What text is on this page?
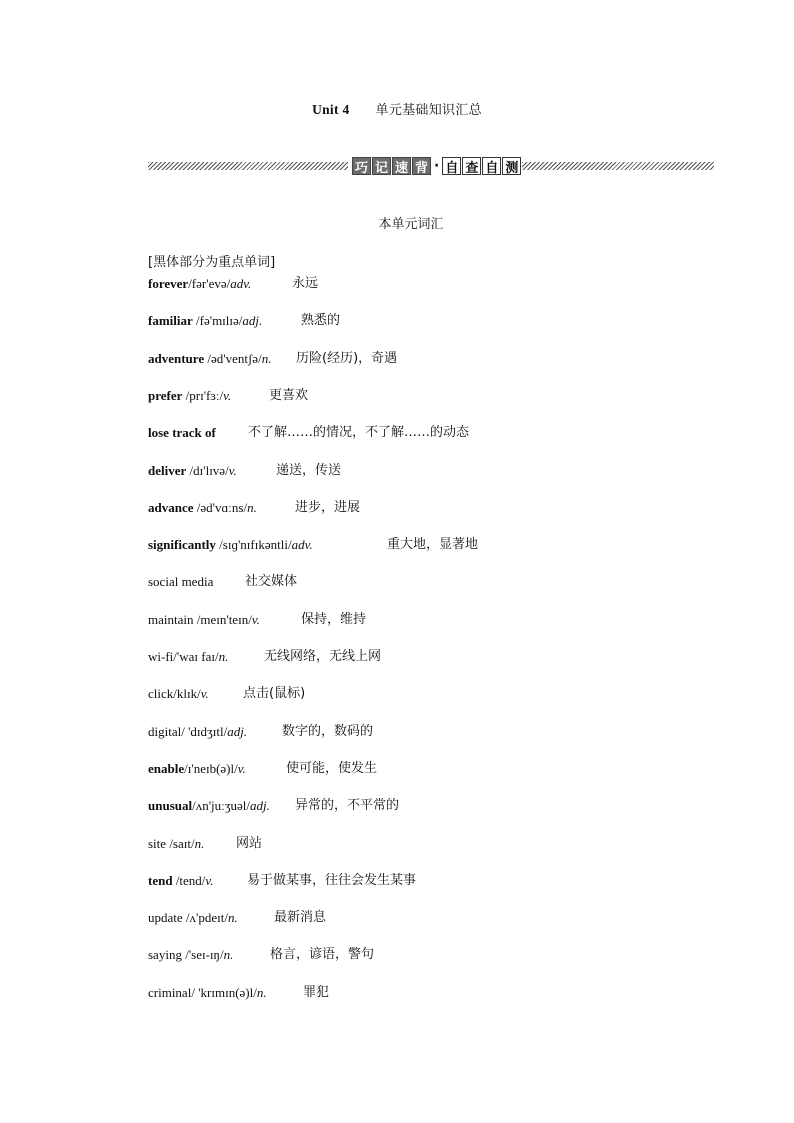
Unit 4 单元基础知识汇总
巧 记 速 背 · 自 查 自 测
本单元词汇
[黑体部分为重点单词]
forever/fər'evə/adv.	永远
familiar /fə'mɪlɪə/adj.	熟悉的
adventure /əd'ventʃə/n. 历险(经历)，奇遇
prefer /prɪ'fɜː/v.	更喜欢
lose track of 不了解……的情况，不了解……的动态
deliver /dɪ'lɪvə/v.	递送，传送
advance /əd'vɑːns/n.	进步，进展
significantly /sɪɡ'nɪfɪkəntli/adv.	重大地，显著地
social media 社交媒体
maintain /meɪn'teɪn/v.	保持，维持
wi-fi/'waɪ faɪ/n.	无线网络，无线上网
click/klɪk/v.	点击(鼠标)
digital/ 'dɪdʒɪtl/adj.	数字的，数码的
enable/ɪ'neɪb(ə)l/v.	使可能，使发生
unusual/ʌn'juːʒuəl/adj. 异常的，不平常的
site /saɪt/n. 网站
tend /tend/v.	易于做某事，往往会发生某事
update /ʌ'pdeɪt/n.	最新消息
saying /'seɪ-ɪŋ/n.	格言，谚语，警句
criminal/ 'krɪmɪn(ə)l/n.	罪犯
